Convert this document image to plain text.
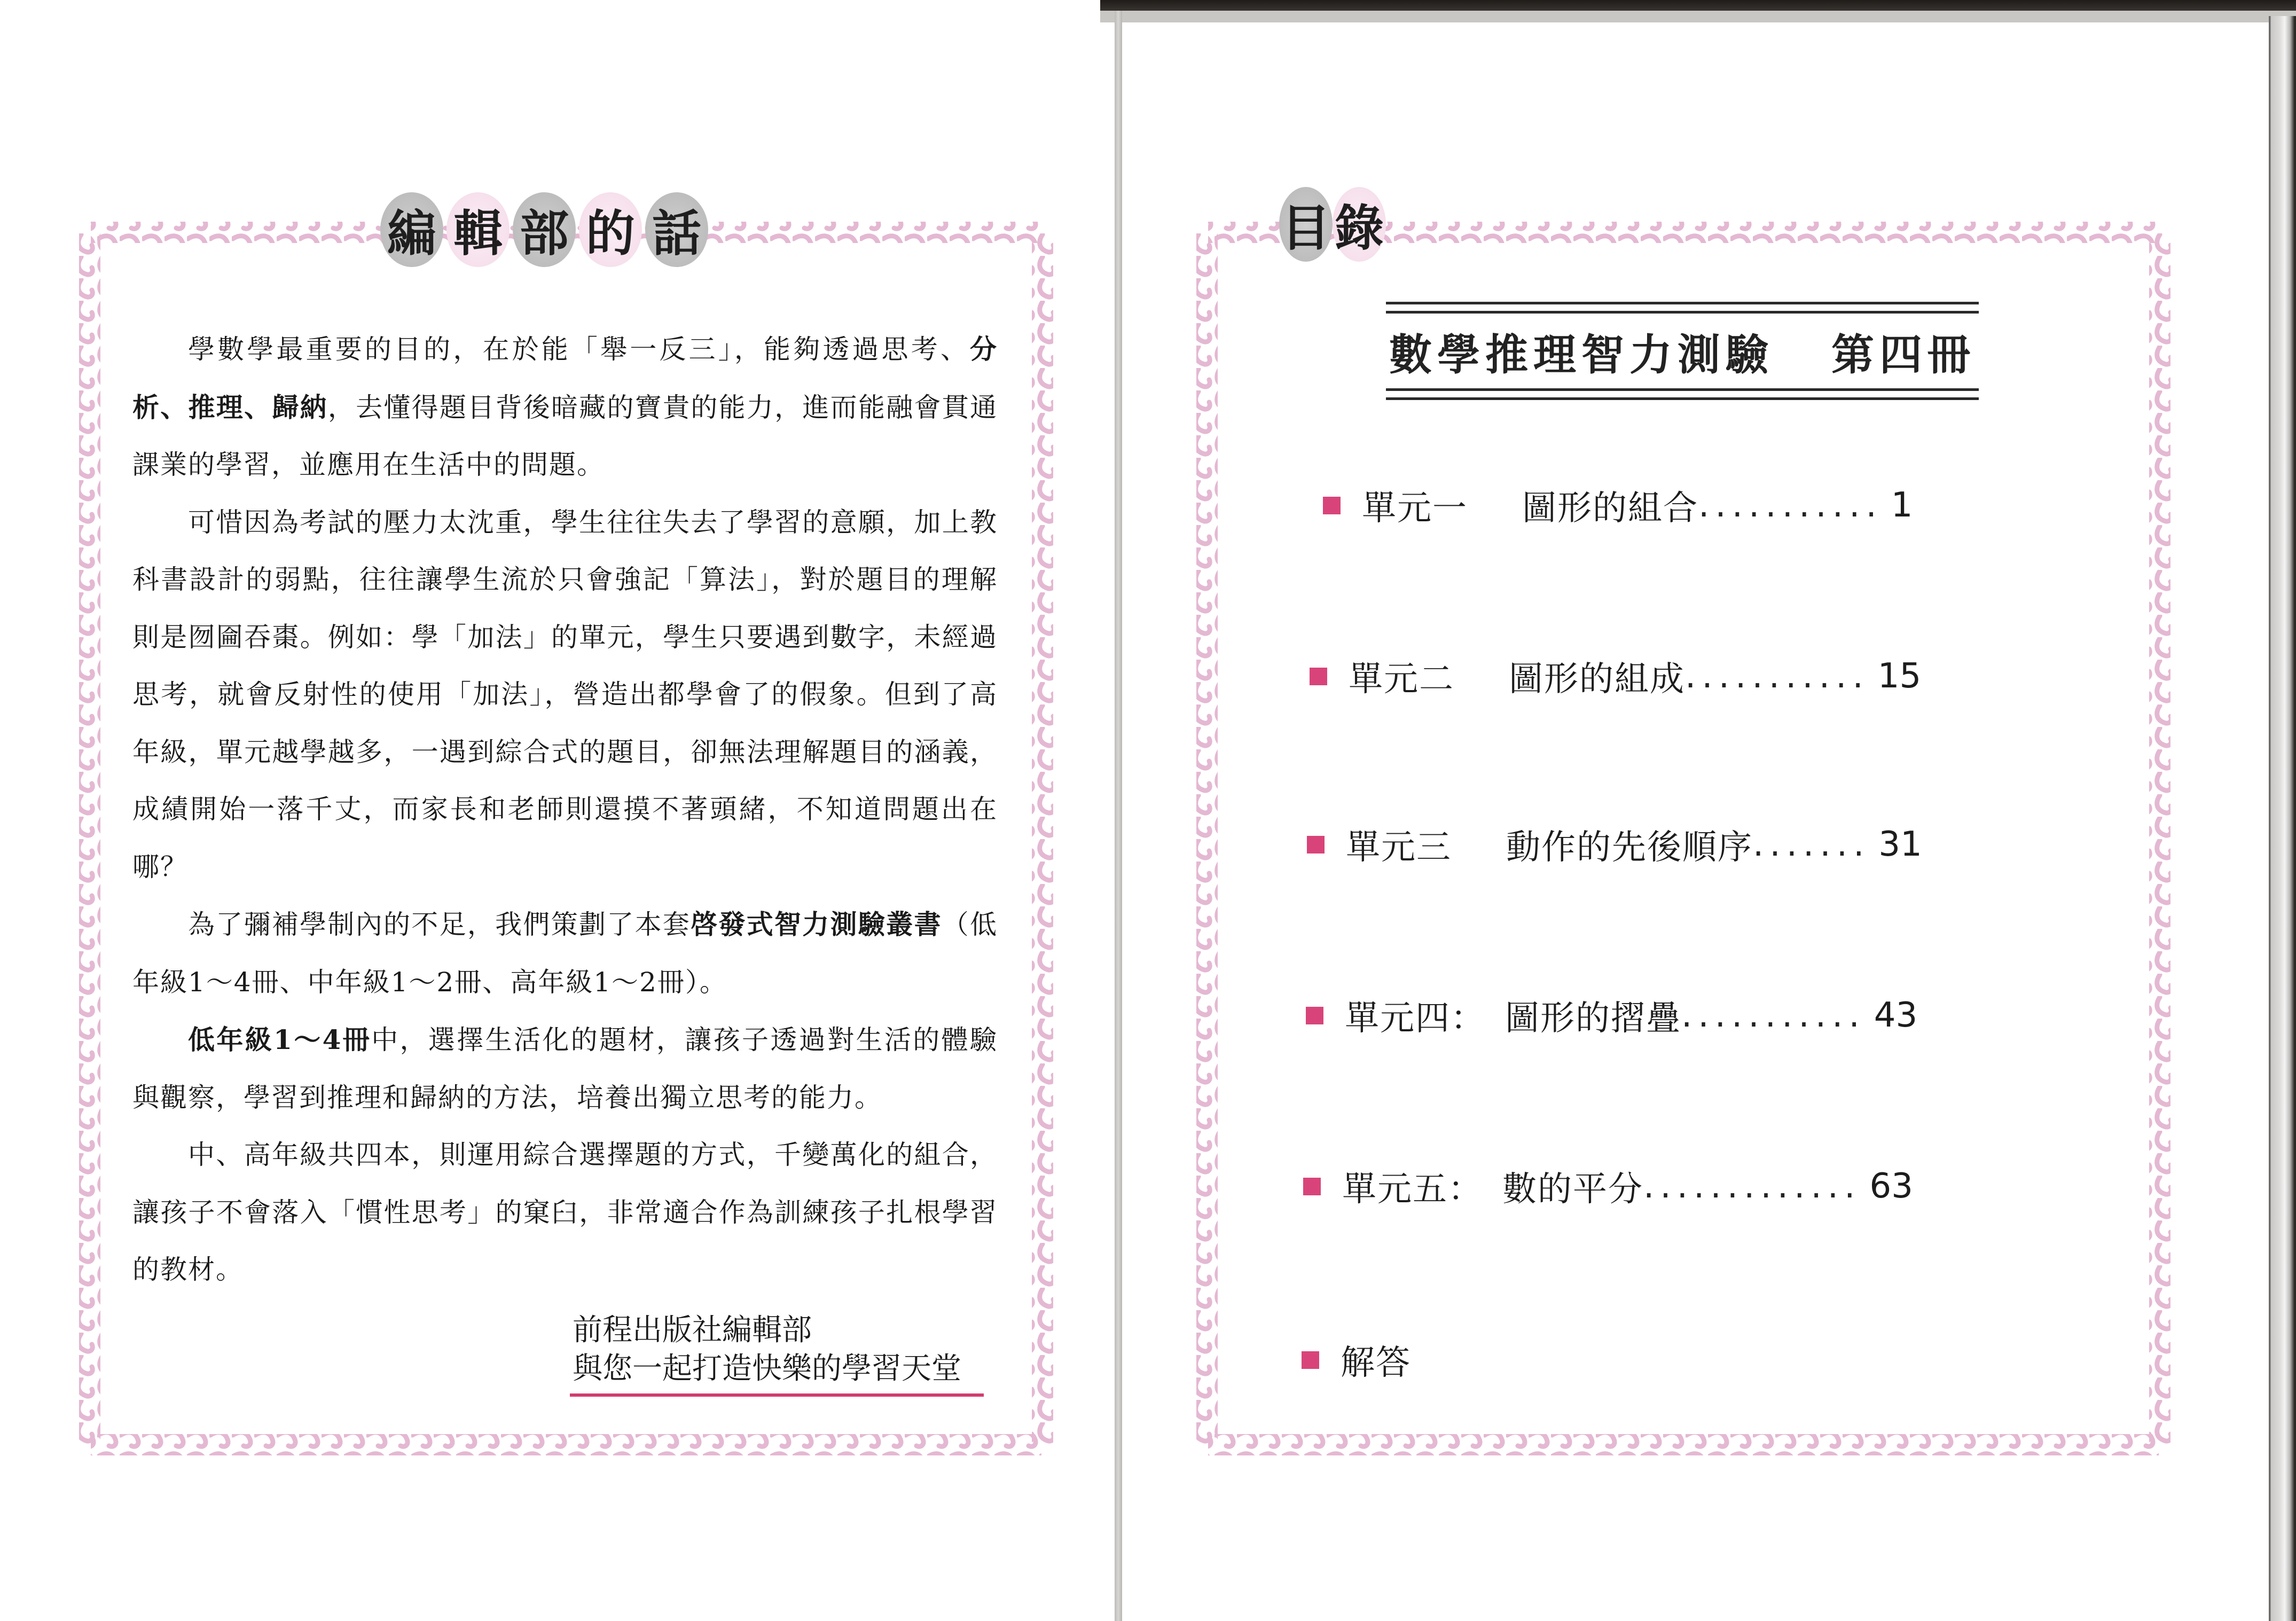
編 輯 部 的 話

學數學最重要的目的，在於能「舉一反三」，能夠透過思考、分析、推理、歸納，去懂得題目背後暗藏的寶貴的能力，進而能融會貫通課業的學習，並應用在生活中的問題。

可惜因為考試的壓力太沈重，學生往往失去了學習的意願，加上教科書設計的弱點，往往讓學生流於只會強記「算法」，對於題目的理解則是囫圇吞棗。例如：學「加法」的單元，學生只要遇到數字，未經過思考，就會反射性的使用「加法」，營造出都學會了的假象。但到了高年級，單元越學越多，一遇到綜合式的題目，卻無法理解題目的涵義，成績開始一落千丈，而家長和老師則還摸不著頭緒，不知道問題出在哪？

為了彌補學制內的不足，我們策劃了本套啓發式智力測驗叢書（低年級1～4冊、中年級1～2冊、高年級1～2冊）。

低年級1～4冊中，選擇生活化的題材，讓孩子透過對生活的體驗與觀察，學習到推理和歸納的方法，培養出獨立思考的能力。

中、高年級共四本，則運用綜合選擇題的方式，千變萬化的組合，讓孩子不會落入「慣性思考」的窠臼，非常適合作為訓練孩子扎根學習的教材。

前程出版社編輯部
與您一起打造快樂的學習天堂
目 錄
數學推理智力測驗 第四冊
單元一	圖形的組合 ........... 1
單元二	圖形的組成 ........... 15
單元三	動作的先後順序 ....... 31
單元四： 圖形的摺疊 ........... 43
單元五： 數的平分 ............. 63
解答
